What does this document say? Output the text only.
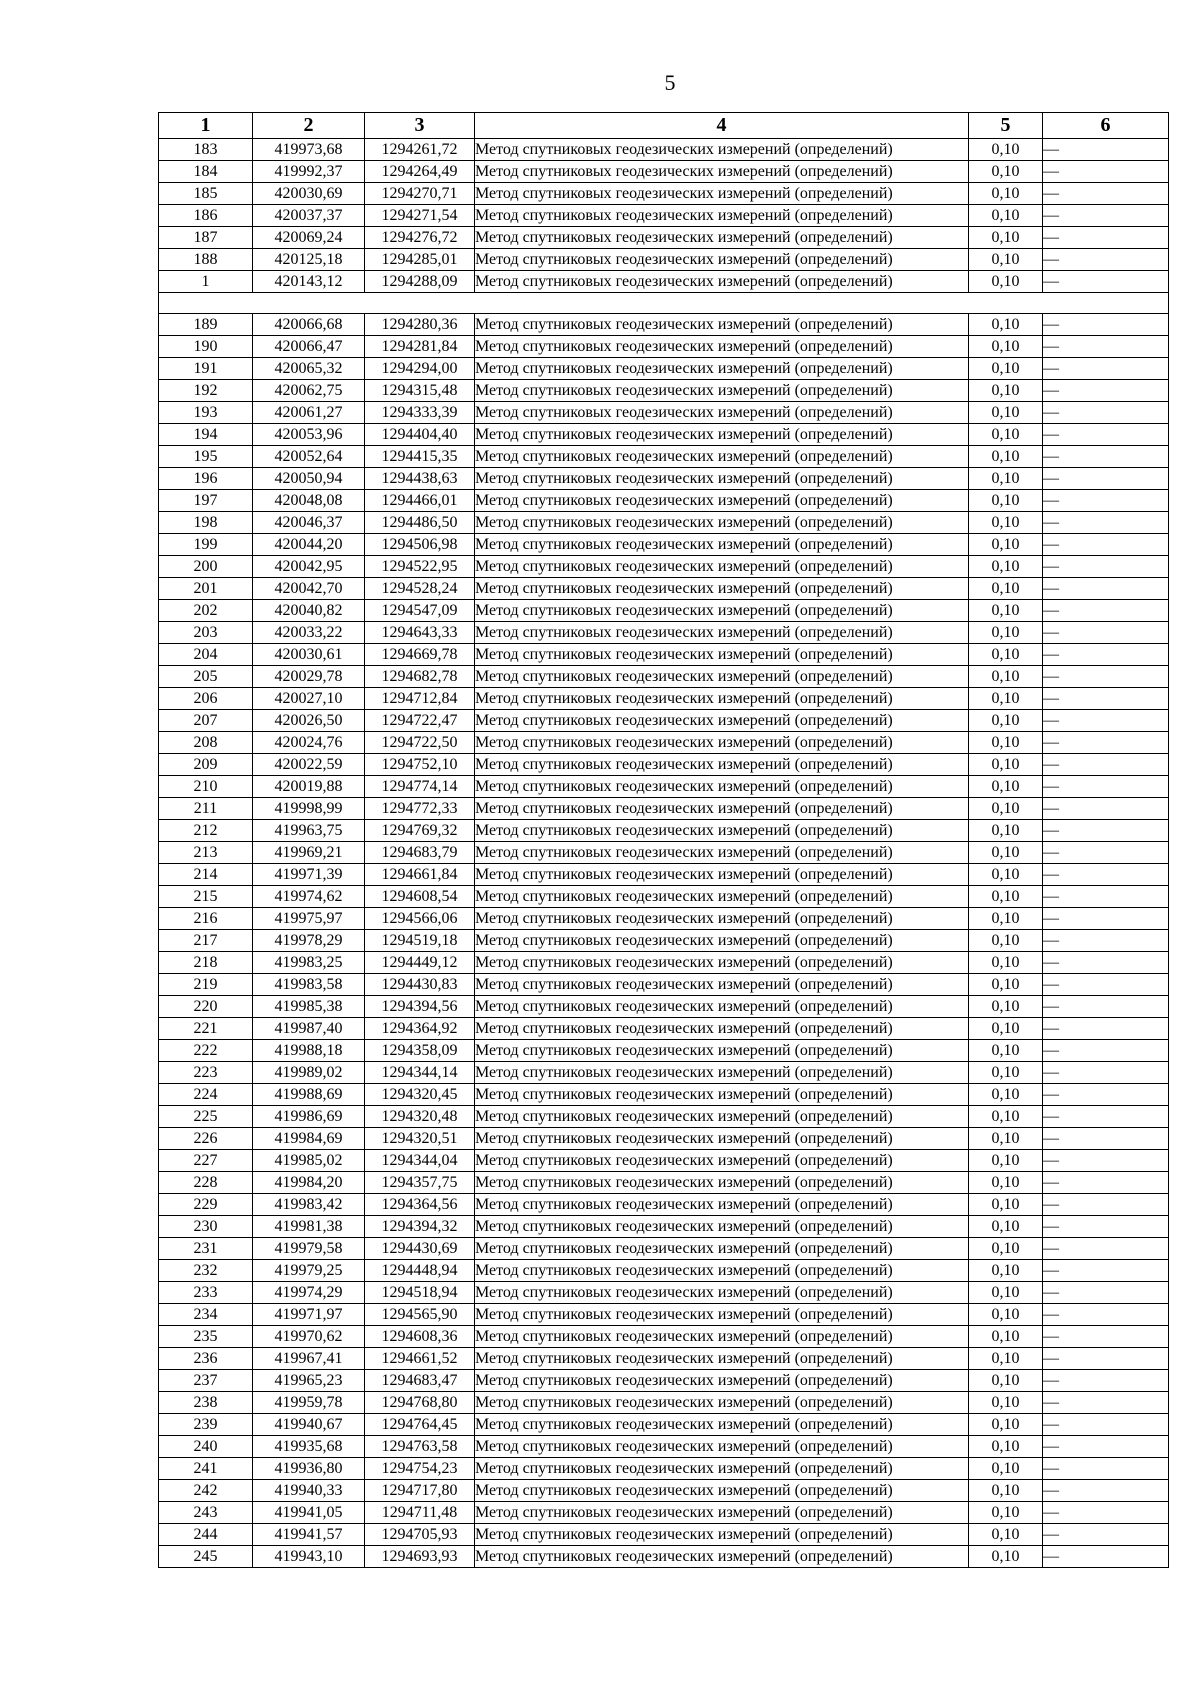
5
1	2	3	4	5	6
183	419973,68	1294261,72	Метод спутниковых геодезических измерений (определений)	0,10	—
184	419992,37	1294264,49	Метод спутниковых геодезических измерений (определений)	0,10	—
185	420030,69	1294270,71	Метод спутниковых геодезических измерений (определений)	0,10	—
186	420037,37	1294271,54	Метод спутниковых геодезических измерений (определений)	0,10	—
187	420069,24	1294276,72	Метод спутниковых геодезических измерений (определений)	0,10	—
188	420125,18	1294285,01	Метод спутниковых геодезических измерений (определений)	0,10	—
1	420143,12	1294288,09	Метод спутниковых геодезических измерений (определений)	0,10	—

189	420066,68	1294280,36	Метод спутниковых геодезических измерений (определений)	0,10	—
190	420066,47	1294281,84	Метод спутниковых геодезических измерений (определений)	0,10	—
191	420065,32	1294294,00	Метод спутниковых геодезических измерений (определений)	0,10	—
192	420062,75	1294315,48	Метод спутниковых геодезических измерений (определений)	0,10	—
193	420061,27	1294333,39	Метод спутниковых геодезических измерений (определений)	0,10	—
194	420053,96	1294404,40	Метод спутниковых геодезических измерений (определений)	0,10	—
195	420052,64	1294415,35	Метод спутниковых геодезических измерений (определений)	0,10	—
196	420050,94	1294438,63	Метод спутниковых геодезических измерений (определений)	0,10	—
197	420048,08	1294466,01	Метод спутниковых геодезических измерений (определений)	0,10	—
198	420046,37	1294486,50	Метод спутниковых геодезических измерений (определений)	0,10	—
199	420044,20	1294506,98	Метод спутниковых геодезических измерений (определений)	0,10	—
200	420042,95	1294522,95	Метод спутниковых геодезических измерений (определений)	0,10	—
201	420042,70	1294528,24	Метод спутниковых геодезических измерений (определений)	0,10	—
202	420040,82	1294547,09	Метод спутниковых геодезических измерений (определений)	0,10	—
203	420033,22	1294643,33	Метод спутниковых геодезических измерений (определений)	0,10	—
204	420030,61	1294669,78	Метод спутниковых геодезических измерений (определений)	0,10	—
205	420029,78	1294682,78	Метод спутниковых геодезических измерений (определений)	0,10	—
206	420027,10	1294712,84	Метод спутниковых геодезических измерений (определений)	0,10	—
207	420026,50	1294722,47	Метод спутниковых геодезических измерений (определений)	0,10	—
208	420024,76	1294722,50	Метод спутниковых геодезических измерений (определений)	0,10	—
209	420022,59	1294752,10	Метод спутниковых геодезических измерений (определений)	0,10	—
210	420019,88	1294774,14	Метод спутниковых геодезических измерений (определений)	0,10	—
211	419998,99	1294772,33	Метод спутниковых геодезических измерений (определений)	0,10	—
212	419963,75	1294769,32	Метод спутниковых геодезических измерений (определений)	0,10	—
213	419969,21	1294683,79	Метод спутниковых геодезических измерений (определений)	0,10	—
214	419971,39	1294661,84	Метод спутниковых геодезических измерений (определений)	0,10	—
215	419974,62	1294608,54	Метод спутниковых геодезических измерений (определений)	0,10	—
216	419975,97	1294566,06	Метод спутниковых геодезических измерений (определений)	0,10	—
217	419978,29	1294519,18	Метод спутниковых геодезических измерений (определений)	0,10	—
218	419983,25	1294449,12	Метод спутниковых геодезических измерений (определений)	0,10	—
219	419983,58	1294430,83	Метод спутниковых геодезических измерений (определений)	0,10	—
220	419985,38	1294394,56	Метод спутниковых геодезических измерений (определений)	0,10	—
221	419987,40	1294364,92	Метод спутниковых геодезических измерений (определений)	0,10	—
222	419988,18	1294358,09	Метод спутниковых геодезических измерений (определений)	0,10	—
223	419989,02	1294344,14	Метод спутниковых геодезических измерений (определений)	0,10	—
224	419988,69	1294320,45	Метод спутниковых геодезических измерений (определений)	0,10	—
225	419986,69	1294320,48	Метод спутниковых геодезических измерений (определений)	0,10	—
226	419984,69	1294320,51	Метод спутниковых геодезических измерений (определений)	0,10	—
227	419985,02	1294344,04	Метод спутниковых геодезических измерений (определений)	0,10	—
228	419984,20	1294357,75	Метод спутниковых геодезических измерений (определений)	0,10	—
229	419983,42	1294364,56	Метод спутниковых геодезических измерений (определений)	0,10	—
230	419981,38	1294394,32	Метод спутниковых геодезических измерений (определений)	0,10	—
231	419979,58	1294430,69	Метод спутниковых геодезических измерений (определений)	0,10	—
232	419979,25	1294448,94	Метод спутниковых геодезических измерений (определений)	0,10	—
233	419974,29	1294518,94	Метод спутниковых геодезических измерений (определений)	0,10	—
234	419971,97	1294565,90	Метод спутниковых геодезических измерений (определений)	0,10	—
235	419970,62	1294608,36	Метод спутниковых геодезических измерений (определений)	0,10	—
236	419967,41	1294661,52	Метод спутниковых геодезических измерений (определений)	0,10	—
237	419965,23	1294683,47	Метод спутниковых геодезических измерений (определений)	0,10	—
238	419959,78	1294768,80	Метод спутниковых геодезических измерений (определений)	0,10	—
239	419940,67	1294764,45	Метод спутниковых геодезических измерений (определений)	0,10	—
240	419935,68	1294763,58	Метод спутниковых геодезических измерений (определений)	0,10	—
241	419936,80	1294754,23	Метод спутниковых геодезических измерений (определений)	0,10	—
242	419940,33	1294717,80	Метод спутниковых геодезических измерений (определений)	0,10	—
243	419941,05	1294711,48	Метод спутниковых геодезических измерений (определений)	0,10	—
244	419941,57	1294705,93	Метод спутниковых геодезических измерений (определений)	0,10	—
245	419943,10	1294693,93	Метод спутниковых геодезических измерений (определений)	0,10	—
